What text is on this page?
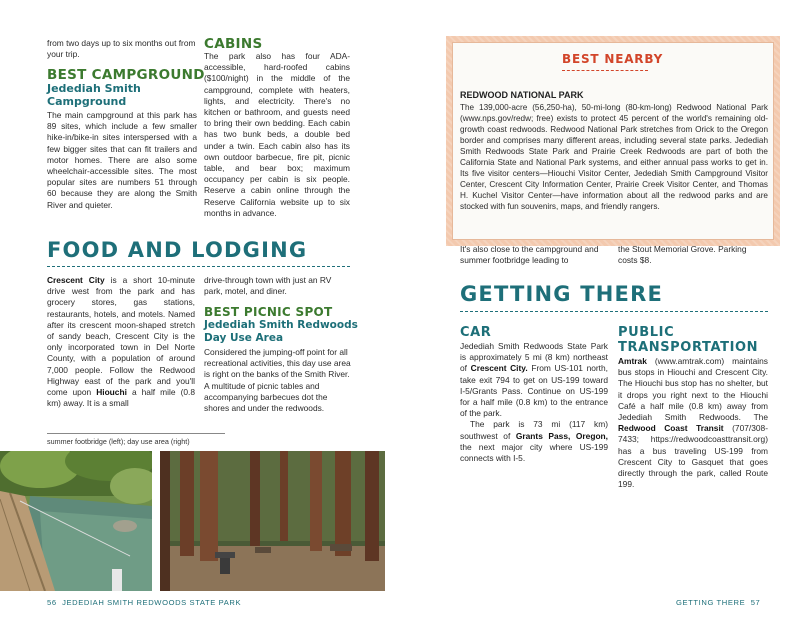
from two days up to six months out from your trip.
BEST CAMPGROUND
Jedediah Smith
Campground
The main campground at this park has 89 sites, which include a few smaller hike-in/bike-in sites interspersed with a few bigger sites that can fit trailers and motor homes. There are also some wheelchair-accessible sites. The most popular sites are numbers 51 through 60 because they are along the Smith River and quieter.
CABINS
The park also has four ADA-accessible, hard-roofed cabins ($100/night) in the middle of the campground, complete with heaters, lights, and electricity. There's no kitchen or bathroom, and guests need to bring their own bedding. Each cabin has two bunk beds, a double bed under a twin. Each cabin also has its own outdoor barbecue, fire pit, picnic table, and bear box; maximum occupancy per cabin is six people. Reserve a cabin online through the Reserve California website up to six months in advance.
FOOD AND LODGING
Crescent City is a short 10-minute drive west from the park and has grocery stores, gas stations, restaurants, hotels, and motels. Named after its crescent moon-shaped stretch of sandy beach, Crescent City is the only incorporated town in Del Norte County, with a population of around 7,000 people. Follow the Redwood Highway east of the park and you'll come upon Hiouchi a half mile (0.8 km) away. It is a small
drive-through town with just an RV park, motel, and diner.
BEST PICNIC SPOT
Jedediah Smith Redwoods
Day Use Area
Considered the jumping-off point for all recreational activities, this day use area is right on the banks of the Smith River. A multitude of picnic tables and accompanying barbecues dot the shores and under the redwoods.
summer footbridge (left); day use area (right)
56 JEDEDIAH SMITH REDWOODS STATE PARK
BEST NEARBY
REDWOOD NATIONAL PARK
The 139,000-acre (56,250-ha), 50-mi-long (80-km-long) Redwood National Park (www.nps.gov/redw; free) exists to protect 45 percent of the world's remaining old-growth coast redwoods. Redwood National Park stretches from Orick to the Oregon border and comprises many different areas, including several state parks. Jedediah Smith Redwoods State Park and Prairie Creek Redwoods are part of both the California State and National Park systems, and either annual pass works to get in. Its five visitor centers—Hiouchi Visitor Center, Jedediah Smith Campground Visitor Center, Crescent City Information Center, Prairie Creek Visitor Center, and Thomas H. Kuchel Visitor Center—have information about all the redwood parks and are stocked with fun souvenirs, maps, and friendly rangers.
It's also close to the campground and summer footbridge leading to
the Stout Memorial Grove. Parking costs $8.
GETTING THERE
CAR
Jedediah Smith Redwoods State Park is approximately 5 mi (8 km) northeast of Crescent City. From US-101 north, take exit 794 to get on US-199 toward I-5/Grants Pass. Continue on US-199 for a half mile (0.8 km) to the entrance of the park.
The park is 73 mi (117 km) southwest of Grants Pass, Oregon, the next major city where US-199 connects with I-5.
PUBLIC
TRANSPORTATION
Amtrak (www.amtrak.com) maintains bus stops in Hiouchi and Crescent City. The Hiouchi bus stop has no shelter, but it drops you right next to the Hiouchi Café a half mile (0.8 km) away from Jedediah Smith Redwoods. The Redwood Coast Transit (707/308-7433; https://redwoodcoasttransit.org) has a bus traveling US-199 from Crescent City to Gasquet that goes directly through the park, called Route 199.
GETTING THERE 57
